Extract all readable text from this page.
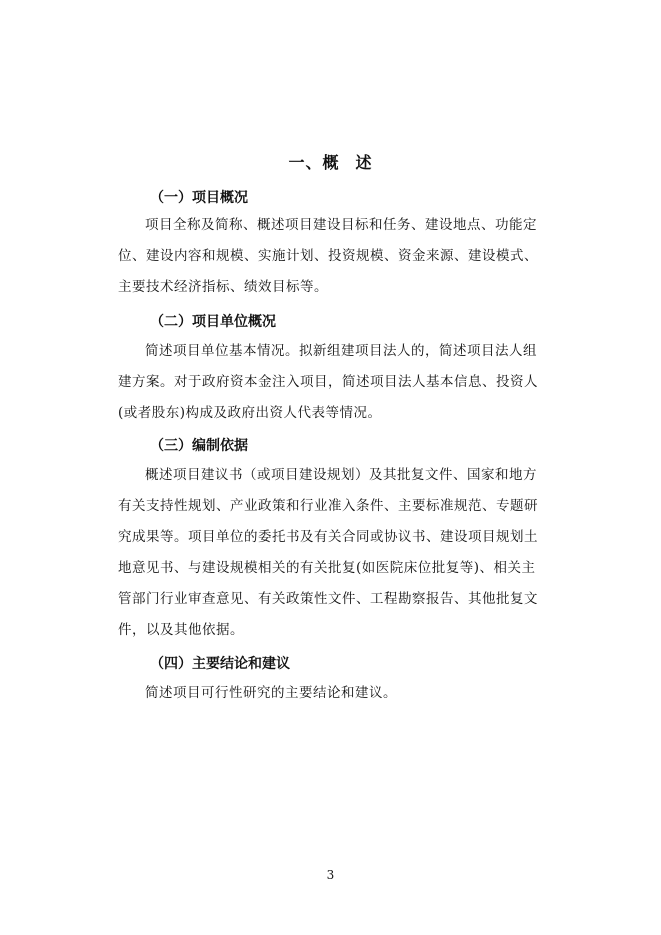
一、概 述
（一）项目概况
项目全称及简称、概述项目建设目标和任务、建设地点、功能定
位、建设内容和规模、实施计划、投资规模、资金来源、建设模式、
主要技术经济指标、绩效目标等。
（二）项目单位概况
简述项目单位基本情况。拟新组建项目法人的，简述项目法人组
建方案。对于政府资本金注入项目，简述项目法人基本信息、投资人
(或者股东)构成及政府出资人代表等情况。
（三）编制依据
概述项目建议书（或项目建设规划）及其批复文件、国家和地方
有关支持性规划、产业政策和行业准入条件、主要标准规范、专题研
究成果等。项目单位的委托书及有关合同或协议书、建设项目规划土
地意见书、与建设规模相关的有关批复(如医院床位批复等)、相关主
管部门行业审查意见、有关政策性文件、工程勘察报告、其他批复文
件，以及其他依据。
（四）主要结论和建议
简述项目可行性研究的主要结论和建议。
3
